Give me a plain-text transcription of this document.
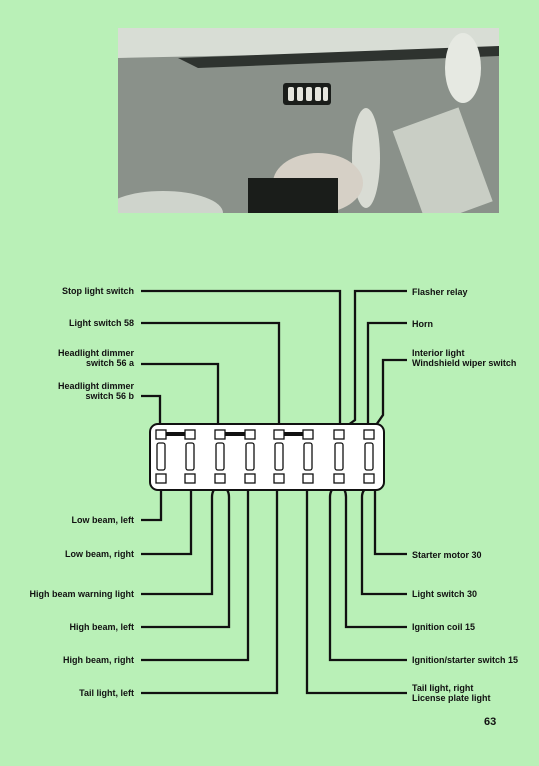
Stop light switch
Light switch 58
Headlight dimmer
switch 56 a
Headlight dimmer
switch 56 b
Flasher relay
Horn
Interior light
Windshield wiper switch
Low beam, left
Low beam, right
High beam warning light
High beam, left
High beam, right
Tail light, left
Starter motor 30
Light switch 30
Ignition coil 15
Ignition/starter switch 15
Tail light, right
License plate light
63
